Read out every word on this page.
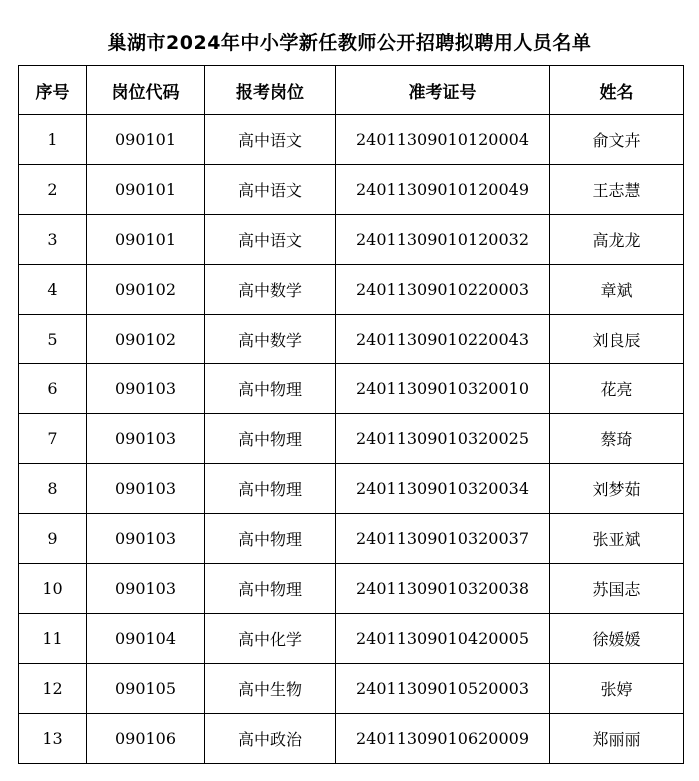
巢湖市2024年中小学新任教师公开招聘拟聘用人员名单
序号	岗位代码	报考岗位	准考证号	姓名
1	090101	高中语文	24011309010120004	俞文卉
2	090101	高中语文	24011309010120049	王志慧
3	090101	高中语文	24011309010120032	高龙龙
4	090102	高中数学	24011309010220003	章斌
5	090102	高中数学	24011309010220043	刘良辰
6	090103	高中物理	24011309010320010	花亮
7	090103	高中物理	24011309010320025	蔡琦
8	090103	高中物理	24011309010320034	刘梦茹
9	090103	高中物理	24011309010320037	张亚斌
10	090103	高中物理	24011309010320038	苏国志
11	090104	高中化学	24011309010420005	徐媛媛
12	090105	高中生物	24011309010520003	张婷
13	090106	高中政治	24011309010620009	郑丽丽
